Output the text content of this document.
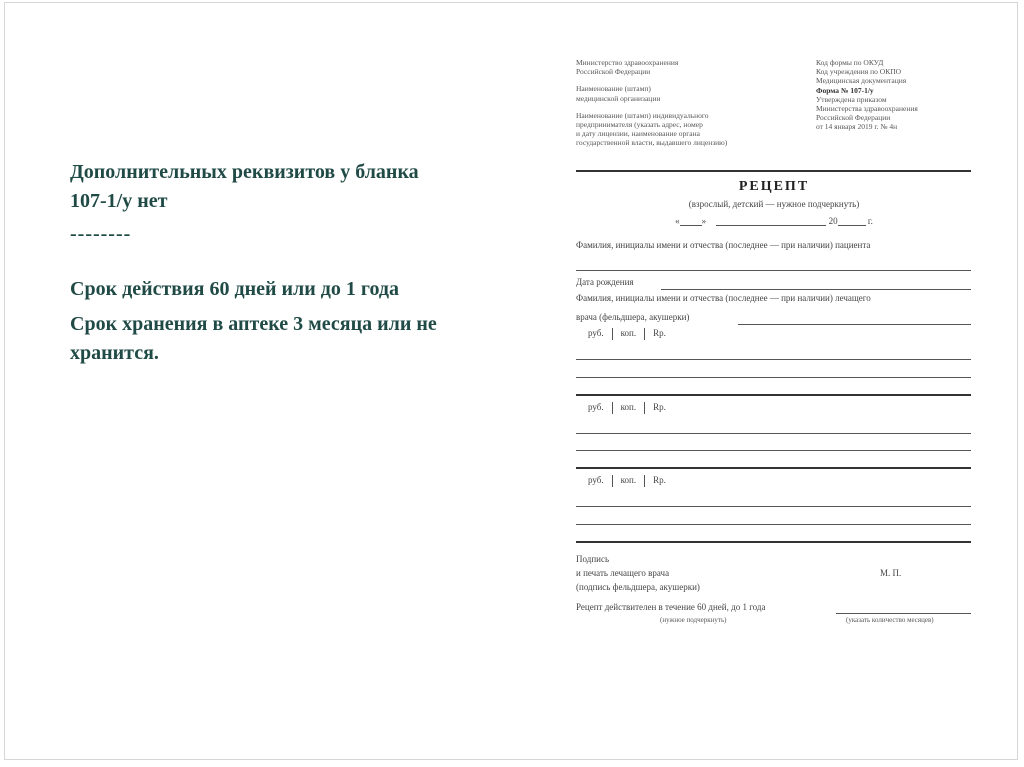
Дополнительных реквизитов у бланка 107-1/у нет

--------

Срок действия 60 дней или до 1 года

Срок хранения в аптеке 3 месяца или не хранится.

Министерство здравоохранения
Российской Федерации
Наименование (штамп)
медицинской организации
Наименование (штамп) индивидуального
предпринимателя (указать адрес, номер
и дату лицензии, наименование органа
государственной власти, выдавшего лицензию)
Код формы по ОКУД
Код учреждения по ОКПО
Медицинская документация
Форма № 107-1/у
Утверждена приказом
Министерства здравоохранения
Российской Федерации
от 14 января 2019 г. № 4н
РЕЦЕПТ
(взрослый, детский — нужное подчеркнуть)
« »	20	г.
Фамилия, инициалы имени и отчества (последнее — при наличии) пациента
Дата рождения
Фамилия, инициалы имени и отчества (последнее — при наличии) лечащего
врача (фельдшера, акушерки)
руб. коп. Rp.
руб. коп. Rp.
руб. коп. Rp.
Подпись
и печать лечащего врача	М. П.
(подпись фельдшера, акушерки)
Рецепт действителен в течение 60 дней, до 1 года
(нужное подчеркнуть)	(указать количество месяцев)
